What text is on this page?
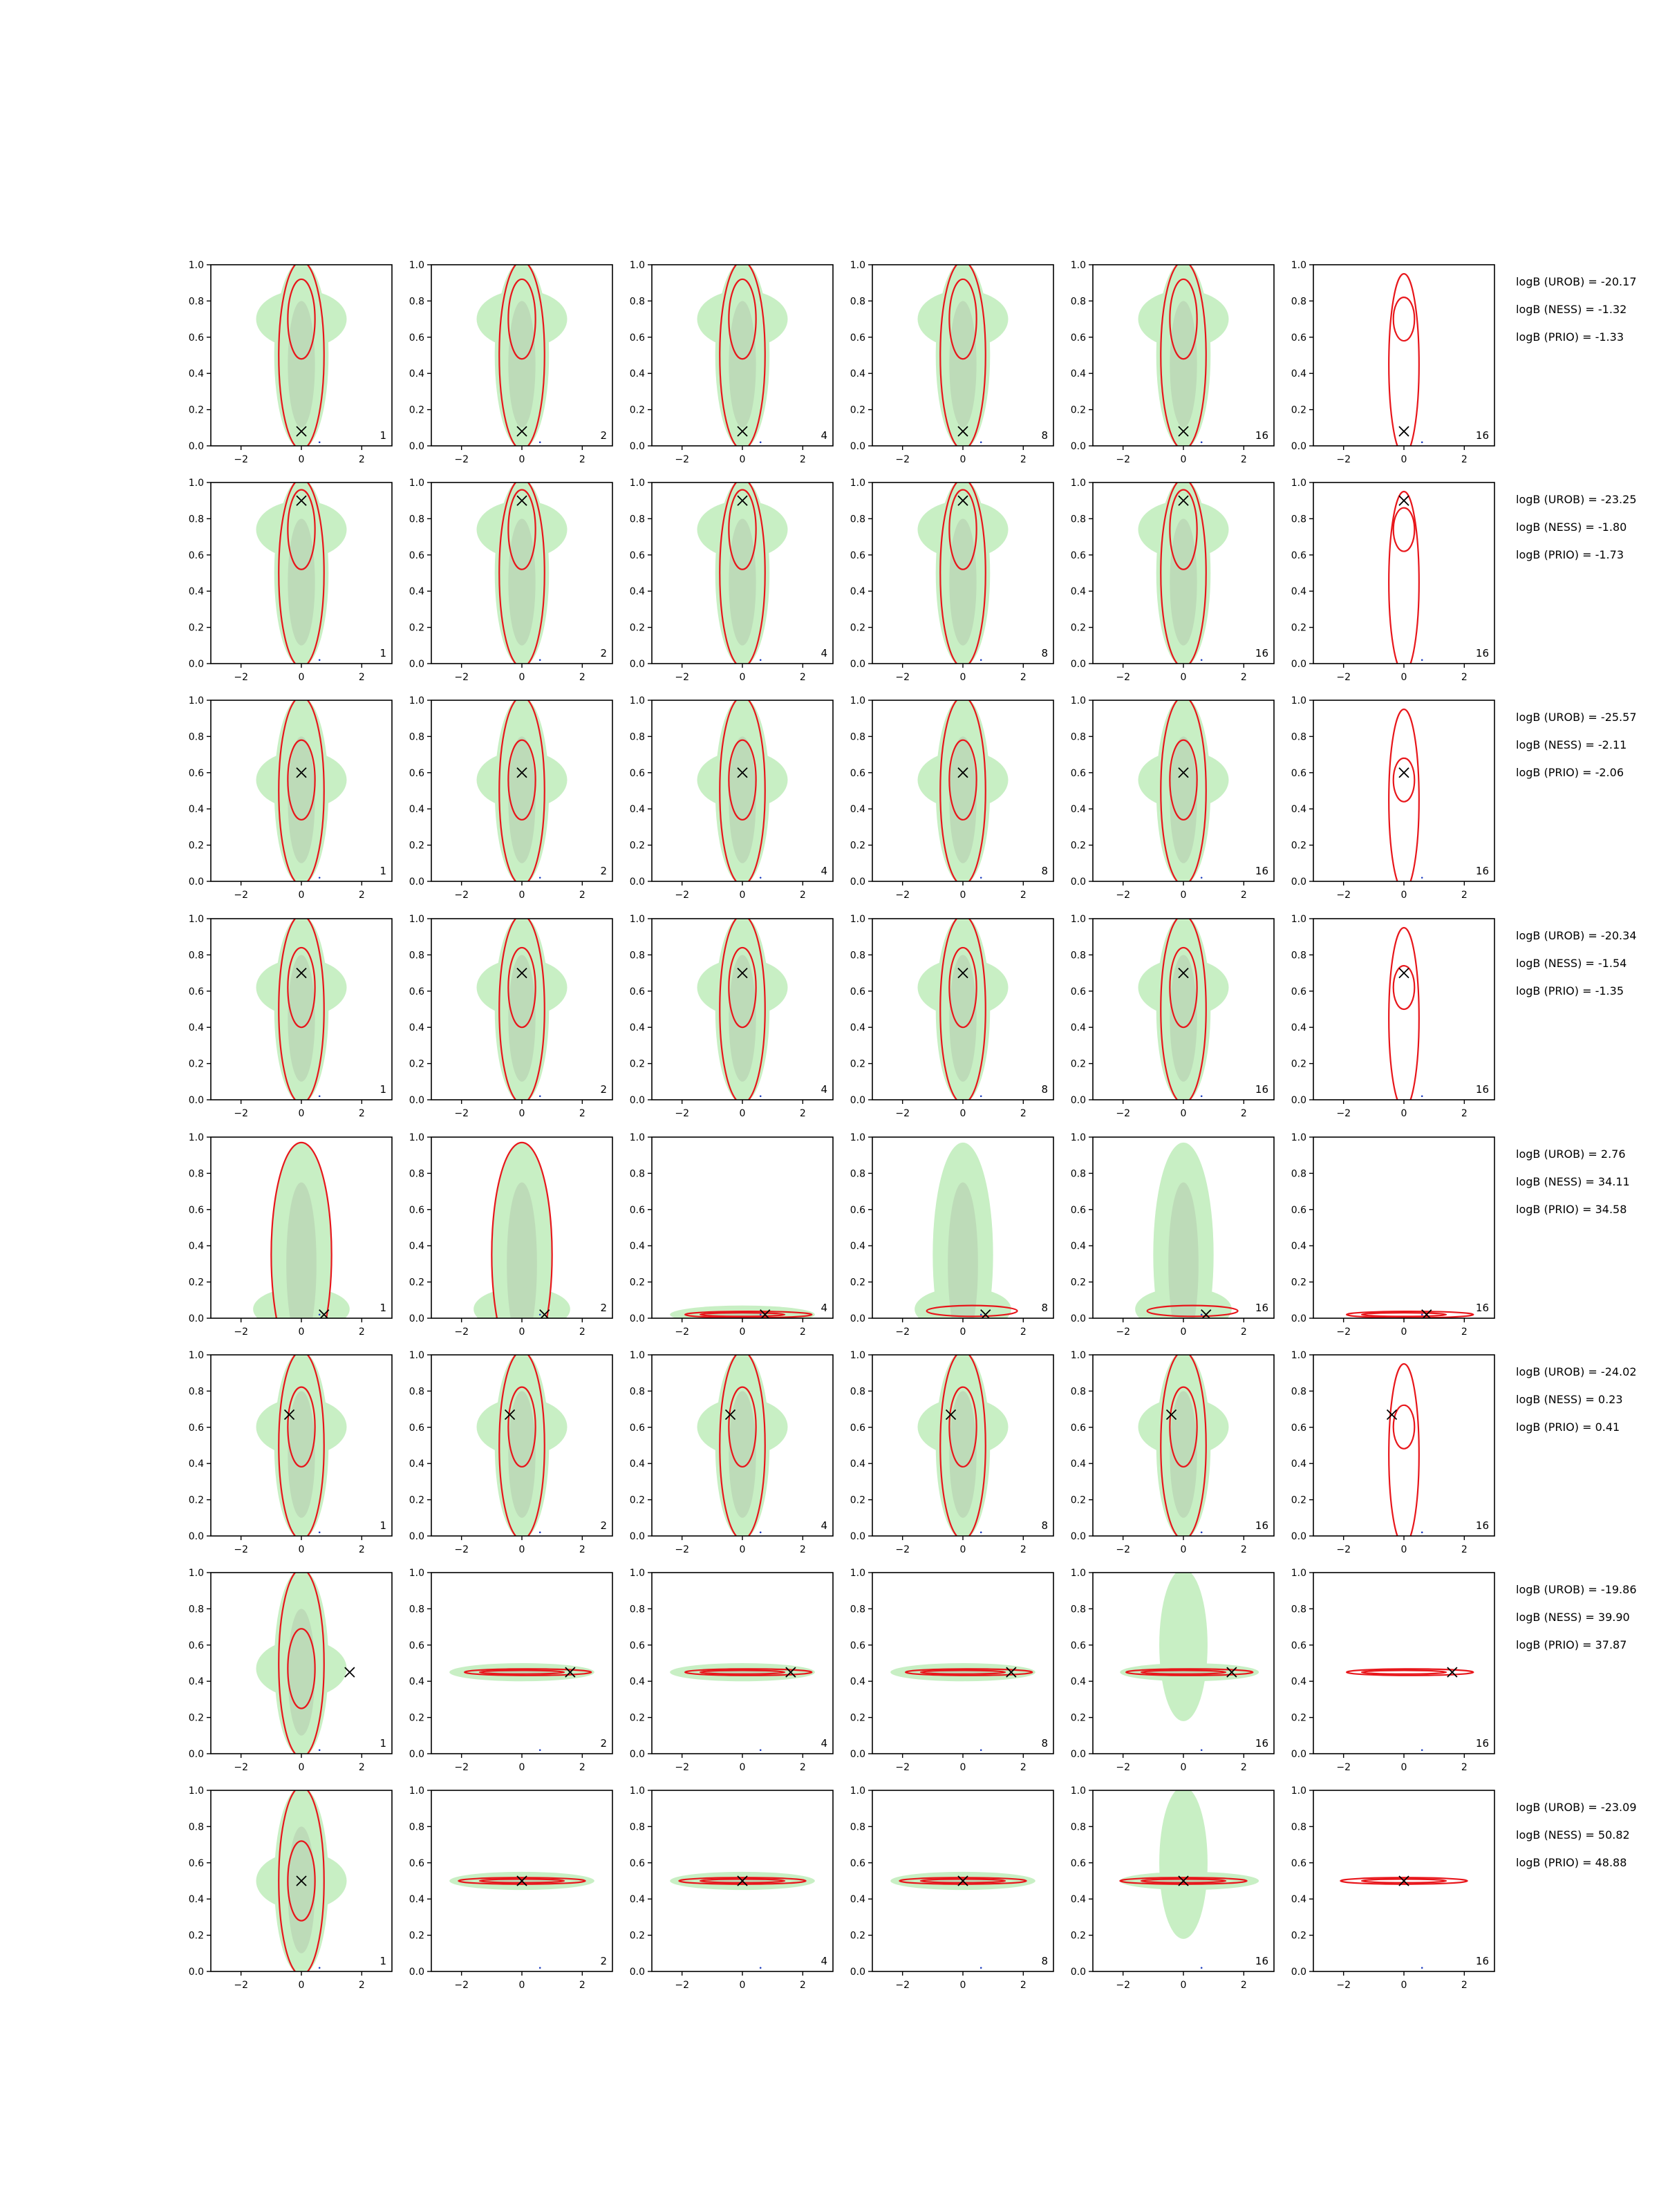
0.0
0.2
0.4
0.6
0.8
1.0
−2	0	2
1
0.0
0.2
0.4
0.6
0.8
1.0
−2	0	2
2
0.0
0.2
0.4
0.6
0.8
1.0
−2	0	2
4
0.0
0.2
0.4
0.6
0.8
1.0
−2	0	2
8
0.0
0.2
0.4
0.6
0.8
1.0
−2	0	2
16
0.0
0.2
0.4
0.6
0.8
1.0
−2	0	2
16
logB (UROB) = -20.17
logB (NESS) = -1.32
logB (PRIO) = -1.33
0.0
0.2
0.4
0.6
0.8
1.0
−2	0	2
1
0.0
0.2
0.4
0.6
0.8
1.0
−2	0	2
2
0.0
0.2
0.4
0.6
0.8
1.0
−2	0	2
4
0.0
0.2
0.4
0.6
0.8
1.0
−2	0	2
8
0.0
0.2
0.4
0.6
0.8
1.0
−2	0	2
16
0.0
0.2
0.4
0.6
0.8
1.0
−2	0	2
16
logB (UROB) = -23.25
logB (NESS) = -1.80
logB (PRIO) = -1.73
0.0
0.2
0.4
0.6
0.8
1.0
−2	0	2
1
0.0
0.2
0.4
0.6
0.8
1.0
−2	0	2
2
0.0
0.2
0.4
0.6
0.8
1.0
−2	0	2
4
0.0
0.2
0.4
0.6
0.8
1.0
−2	0	2
8
0.0
0.2
0.4
0.6
0.8
1.0
−2	0	2
16
0.0
0.2
0.4
0.6
0.8
1.0
−2	0	2
16
logB (UROB) = -25.57
logB (NESS) = -2.11
logB (PRIO) = -2.06
0.0
0.2
0.4
0.6
0.8
1.0
−2	0	2
1
0.0
0.2
0.4
0.6
0.8
1.0
−2	0	2
2
0.0
0.2
0.4
0.6
0.8
1.0
−2	0	2
4
0.0
0.2
0.4
0.6
0.8
1.0
−2	0	2
8
0.0
0.2
0.4
0.6
0.8
1.0
−2	0	2
16
0.0
0.2
0.4
0.6
0.8
1.0
−2	0	2
16
logB (UROB) = -20.34
logB (NESS) = -1.54
logB (PRIO) = -1.35
0.0
0.2
0.4
0.6
0.8
1.0
−2	0	2
1
0.0
0.2
0.4
0.6
0.8
1.0
−2	0	2
2
0.0
0.2
0.4
0.6
0.8
1.0
−2	0	2
4
0.0
0.2
0.4
0.6
0.8
1.0
−2	0	2
8
0.0
0.2
0.4
0.6
0.8
1.0
−2	0	2
16
0.0
0.2
0.4
0.6
0.8
1.0
−2	0	2
16
logB (UROB) = 2.76
logB (NESS) = 34.11
logB (PRIO) = 34.58
0.0
0.2
0.4
0.6
0.8
1.0
−2	0	2
1
0.0
0.2
0.4
0.6
0.8
1.0
−2	0	2
2
0.0
0.2
0.4
0.6
0.8
1.0
−2	0	2
4
0.0
0.2
0.4
0.6
0.8
1.0
−2	0	2
8
0.0
0.2
0.4
0.6
0.8
1.0
−2	0	2
16
0.0
0.2
0.4
0.6
0.8
1.0
−2	0	2
16
logB (UROB) = -24.02
logB (NESS) = 0.23
logB (PRIO) = 0.41
0.0
0.2
0.4
0.6
0.8
1.0
−2	0	2
1
0.0
0.2
0.4
0.6
0.8
1.0
−2	0	2
2
0.0
0.2
0.4
0.6
0.8
1.0
−2	0	2
4
0.0
0.2
0.4
0.6
0.8
1.0
−2	0	2
8
0.0
0.2
0.4
0.6
0.8
1.0
−2	0	2
16
0.0
0.2
0.4
0.6
0.8
1.0
−2	0	2
16
logB (UROB) = -19.86
logB (NESS) = 39.90
logB (PRIO) = 37.87
0.0
0.2
0.4
0.6
0.8
1.0
−2	0	2
1
0.0
0.2
0.4
0.6
0.8
1.0
−2	0	2
2
0.0
0.2
0.4
0.6
0.8
1.0
−2	0	2
4
0.0
0.2
0.4
0.6
0.8
1.0
−2	0	2
8
0.0
0.2
0.4
0.6
0.8
1.0
−2	0	2
16
0.0
0.2
0.4
0.6
0.8
1.0
−2	0	2
16
logB (UROB) = -23.09
logB (NESS) = 50.82
logB (PRIO) = 48.88
